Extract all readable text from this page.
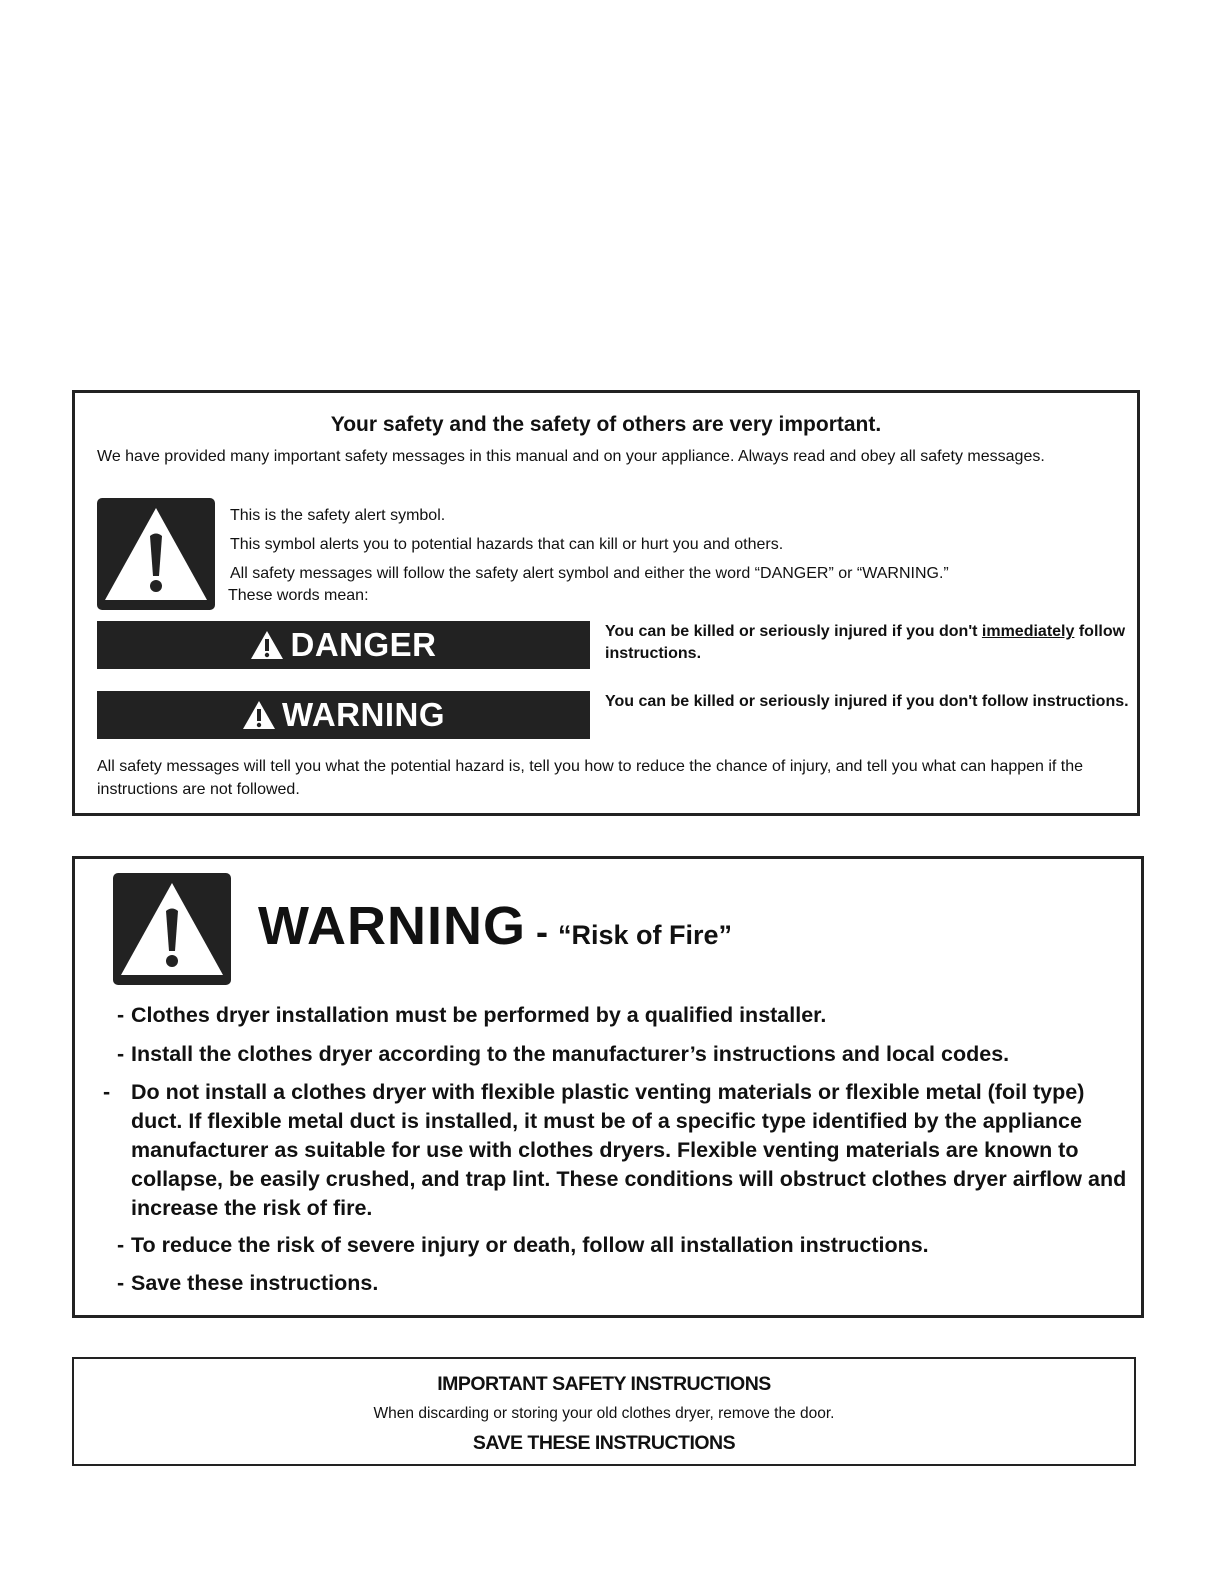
Your safety and the safety of others are very important.
We have provided many important safety messages in this manual and on your appliance. Always read and obey all safety messages.
This is the safety alert symbol.
This symbol alerts you to potential hazards that can kill or hurt you and others.
All safety messages will follow the safety alert symbol and either the word “DANGER” or “WARNING.”
These words mean:
DANGER	You can be killed or seriously injured if you don't immediately follow instructions.
WARNING	You can be killed or seriously injured if you don't follow instructions.
All safety messages will tell you what the potential hazard is, tell you how to reduce the chance of injury, and tell you what can happen if the instructions are not followed.
WARNING - “Risk of Fire”
- Clothes dryer installation must be performed by a qualified installer.
- Install the clothes dryer according to the manufacturer’s instructions and local codes.
- Do not install a clothes dryer with flexible plastic venting materials or flexible metal (foil type) duct. If flexible metal duct is installed, it must be of a specific type identified by the appliance manufacturer as suitable for use with clothes dryers. Flexible venting materials are known to collapse, be easily crushed, and trap lint. These conditions will obstruct clothes dryer airflow and increase the risk of fire.
- To reduce the risk of severe injury or death, follow all installation instructions.
- Save these instructions.
IMPORTANT SAFETY INSTRUCTIONS
When discarding or storing your old clothes dryer, remove the door.
SAVE THESE INSTRUCTIONS
